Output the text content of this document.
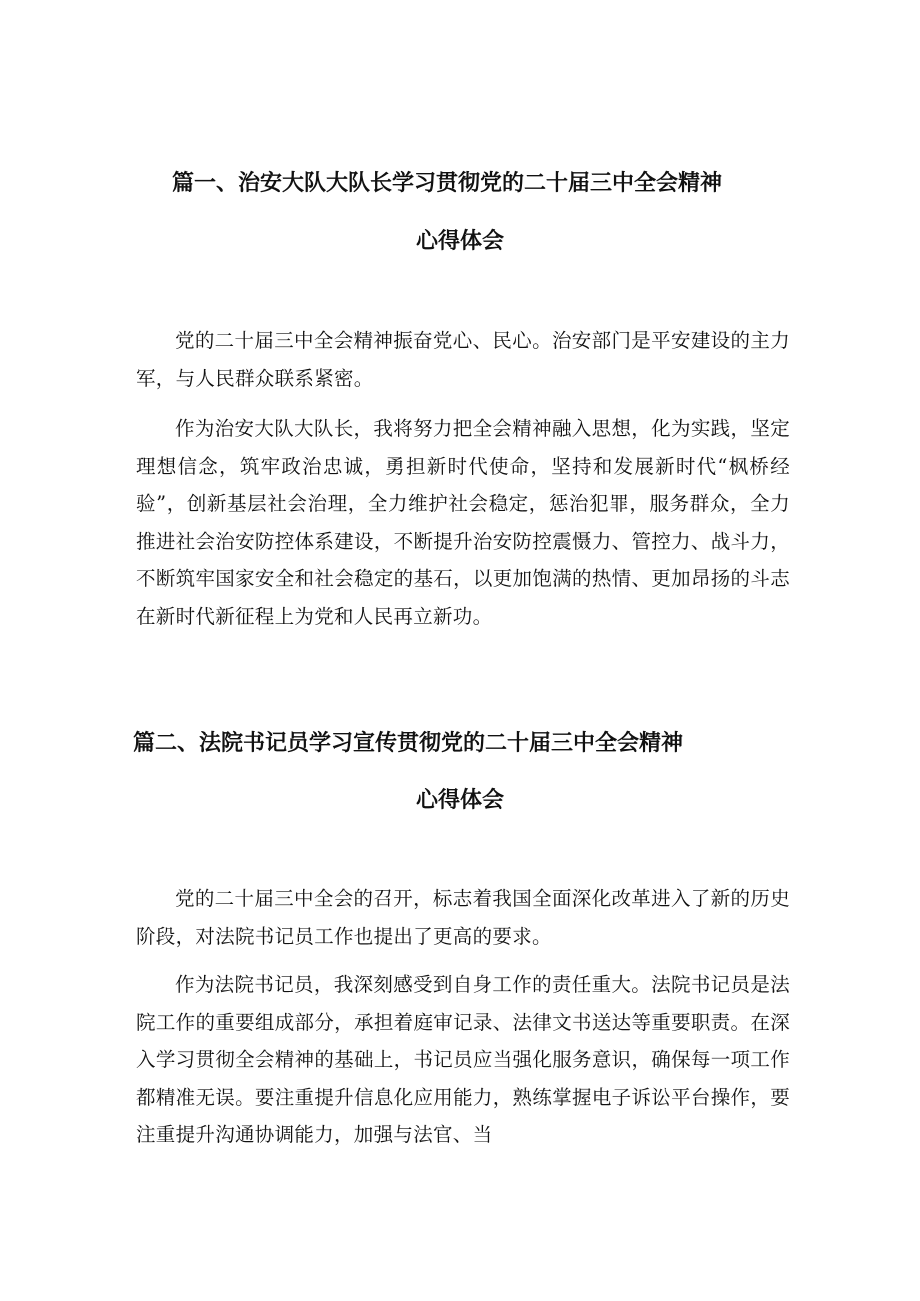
篇一、治安大队大队长学习贯彻党的二十届三中全会精神
心得体会

党的二十届三中全会精神振奋党心、民心。治安部门是平安建设的主力军，与人民群众联系紧密。

作为治安大队大队长，我将努力把全会精神融入思想，化为实践，坚定理想信念，筑牢政治忠诚，勇担新时代使命，坚持和发展新时代“枫桥经验”，创新基层社会治理，全力维护社会稳定，惩治犯罪，服务群众，全力推进社会治安防控体系建设，不断提升治安防控震慑力、管控力、战斗力，不断筑牢国家安全和社会稳定的基石，以更加饱满的热情、更加昂扬的斗志在新时代新征程上为党和人民再立新功。

篇二、法院书记员学习宣传贯彻党的二十届三中全会精神
心得体会

党的二十届三中全会的召开，标志着我国全面深化改革进入了新的历史阶段，对法院书记员工作也提出了更高的要求。

作为法院书记员，我深刻感受到自身工作的责任重大。法院书记员是法院工作的重要组成部分，承担着庭审记录、法律文书送达等重要职责。在深入学习贯彻全会精神的基础上，书记员应当强化服务意识，确保每一项工作都精准无误。要注重提升信息化应用能力，熟练掌握电子诉讼平台操作，要注重提升沟通协调能力，加强与法官、当
